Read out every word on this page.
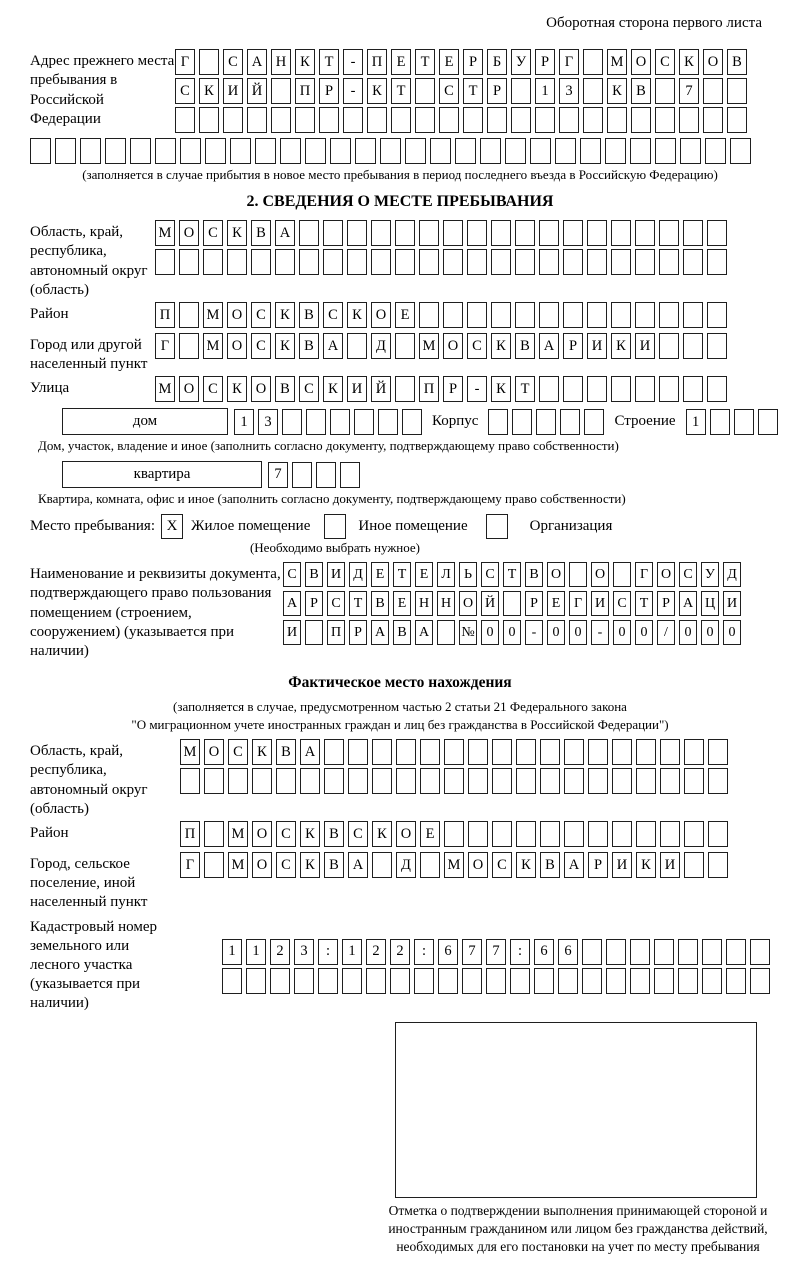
Оборотная сторона первого листа
Адрес прежнего места пребывания в Российской Федерации
Г	С А Н К	Т	-	П Е	Т	Е	Р	Б	У	Р	Г	М О С К О В
С К И Й	П	Р	-	К	Т	С	Т	Р	1	3	К В	7
(заполняется в случае прибытия в новое место пребывания в период последнего въезда в Российскую Федерацию)
2. СВЕДЕНИЯ О МЕСТЕ ПРЕБЫВАНИЯ
Область, край, республика, автономный округ (область)
М О С К В А
Район	П	М О С К В С К О Е
Город или другой населенный пункт
Г	М О С К В А	Д	М О С К В А	Р	И К И
Улица	М О С К О В С К И Й	П	Р	-	К	Т
дом	1	3	Корпус	Строение	1
Дом, участок, владение и иное (заполнить согласно документу, подтверждающему право собственности)
квартира	7
Квартира, комната, офис и иное (заполнить согласно документу, подтверждающему право собственности)
Место пребывания: X Жилое помещение	Иное помещение	Организация
(Необходимо выбрать нужное)
Наименование и реквизиты документа, подтверждающего право пользования помещением (строением, сооружением) (указывается при наличии)
С В И Д Е Т Е Л Ь С Т В О О	Г О С У Д
А Р С Т В Е Н Н О Й	Р Е Г И С Т Р А Ц И
И П Р А В А № 0	0	-	0	0	-	0	0	/	0	0	0
Фактическое место нахождения
(заполняется в случае, предусмотренном частью 2 статьи 21 Федерального закона
"О миграционном учете иностранных граждан и лиц без гражданства в Российской Федерации")
Область, край, республика, автономный округ (область)
М О С К В А
Район	П	М О С К В С К О Е
Город, сельское поселение, иной населенный пункт
Г	М О С К В А	Д	М О С К В А	Р	И К И
Кадастровый номер земельного или лесного участка (указывается при наличии)
1	1	2	3	:	1	2	2	:	6	7	7	:	6	6
Отметка о подтверждении выполнения принимающей стороной и иностранным гражданином или лицом без гражданства действий, необходимых для его постановки на учет по месту пребывания
